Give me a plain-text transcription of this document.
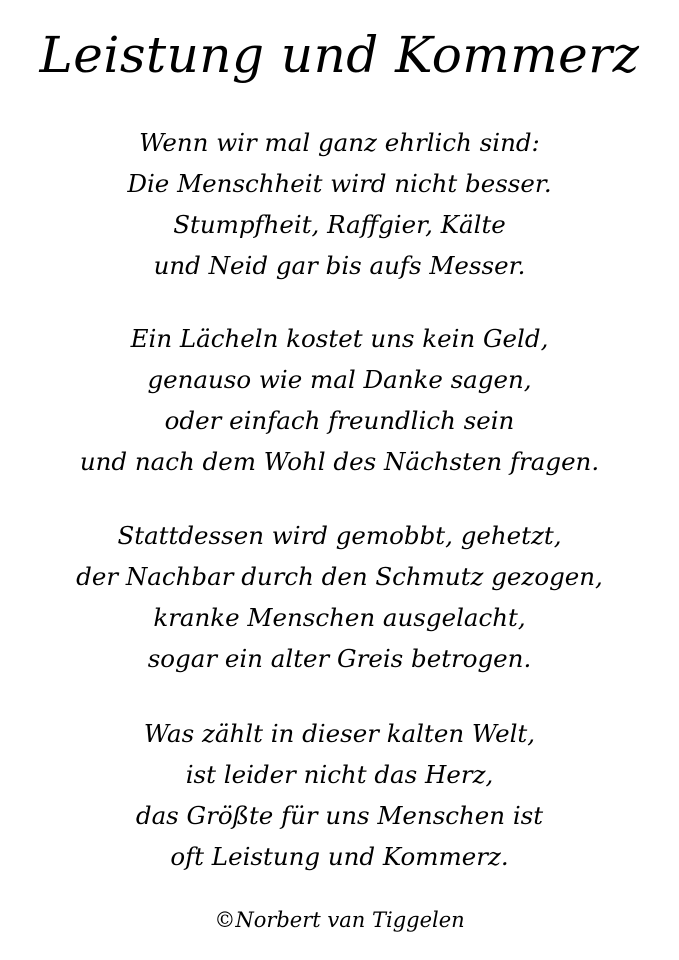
Leistung und Kommerz

Wenn wir mal ganz ehrlich sind:
Die Menschheit wird nicht besser.
Stumpfheit, Raffgier, Kälte
und Neid gar bis aufs Messer.

Ein Lächeln kostet uns kein Geld,
genauso wie mal Danke sagen,
oder einfach freundlich sein
und nach dem Wohl des Nächsten fragen.

Stattdessen wird gemobbt, gehetzt,
der Nachbar durch den Schmutz gezogen,
kranke Menschen ausgelacht,
sogar ein alter Greis betrogen.

Was zählt in dieser kalten Welt,
ist leider nicht das Herz,
das Größte für uns Menschen ist
oft Leistung und Kommerz.

©Norbert van Tiggelen
